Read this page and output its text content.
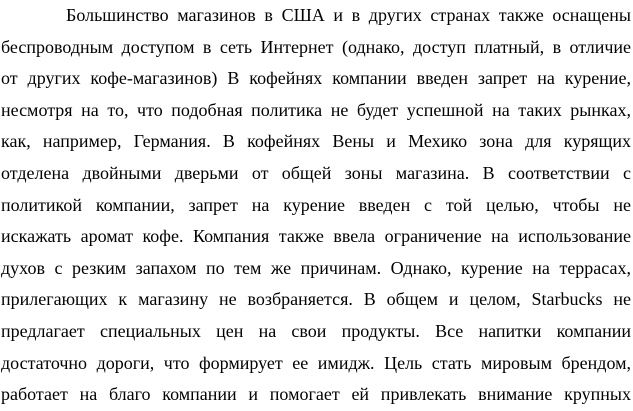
Большинство магазинов в США и в других странах также оснащены
беспроводным доступом в сеть Интернет (однако, доступ платный, в отличие
от других кофе-магазинов) В кофейнях компании введен запрет на курение,
несмотря на то, что подобная политика не будет успешной на таких рынках,
как, например, Германия. В кофейнях Вены и Мехико зона для курящих
отделена двойными дверьми от общей зоны магазина. В соответствии с
политикой компании, запрет на курение введен с той целью, чтобы не
искажать аромат кофе. Компания также ввела ограничение на использование
духов с резким запахом по тем же причинам. Однако, курение на террасах,
прилегающих к магазину не возбраняется. В общем и целом, Starbucks не
предлагает специальных цен на свои продукты. Все напитки компании
достаточно дороги, что формирует ее имидж. Цель стать мировым брендом,
работает на благо компании и помогает ей привлекать внимание крупных
